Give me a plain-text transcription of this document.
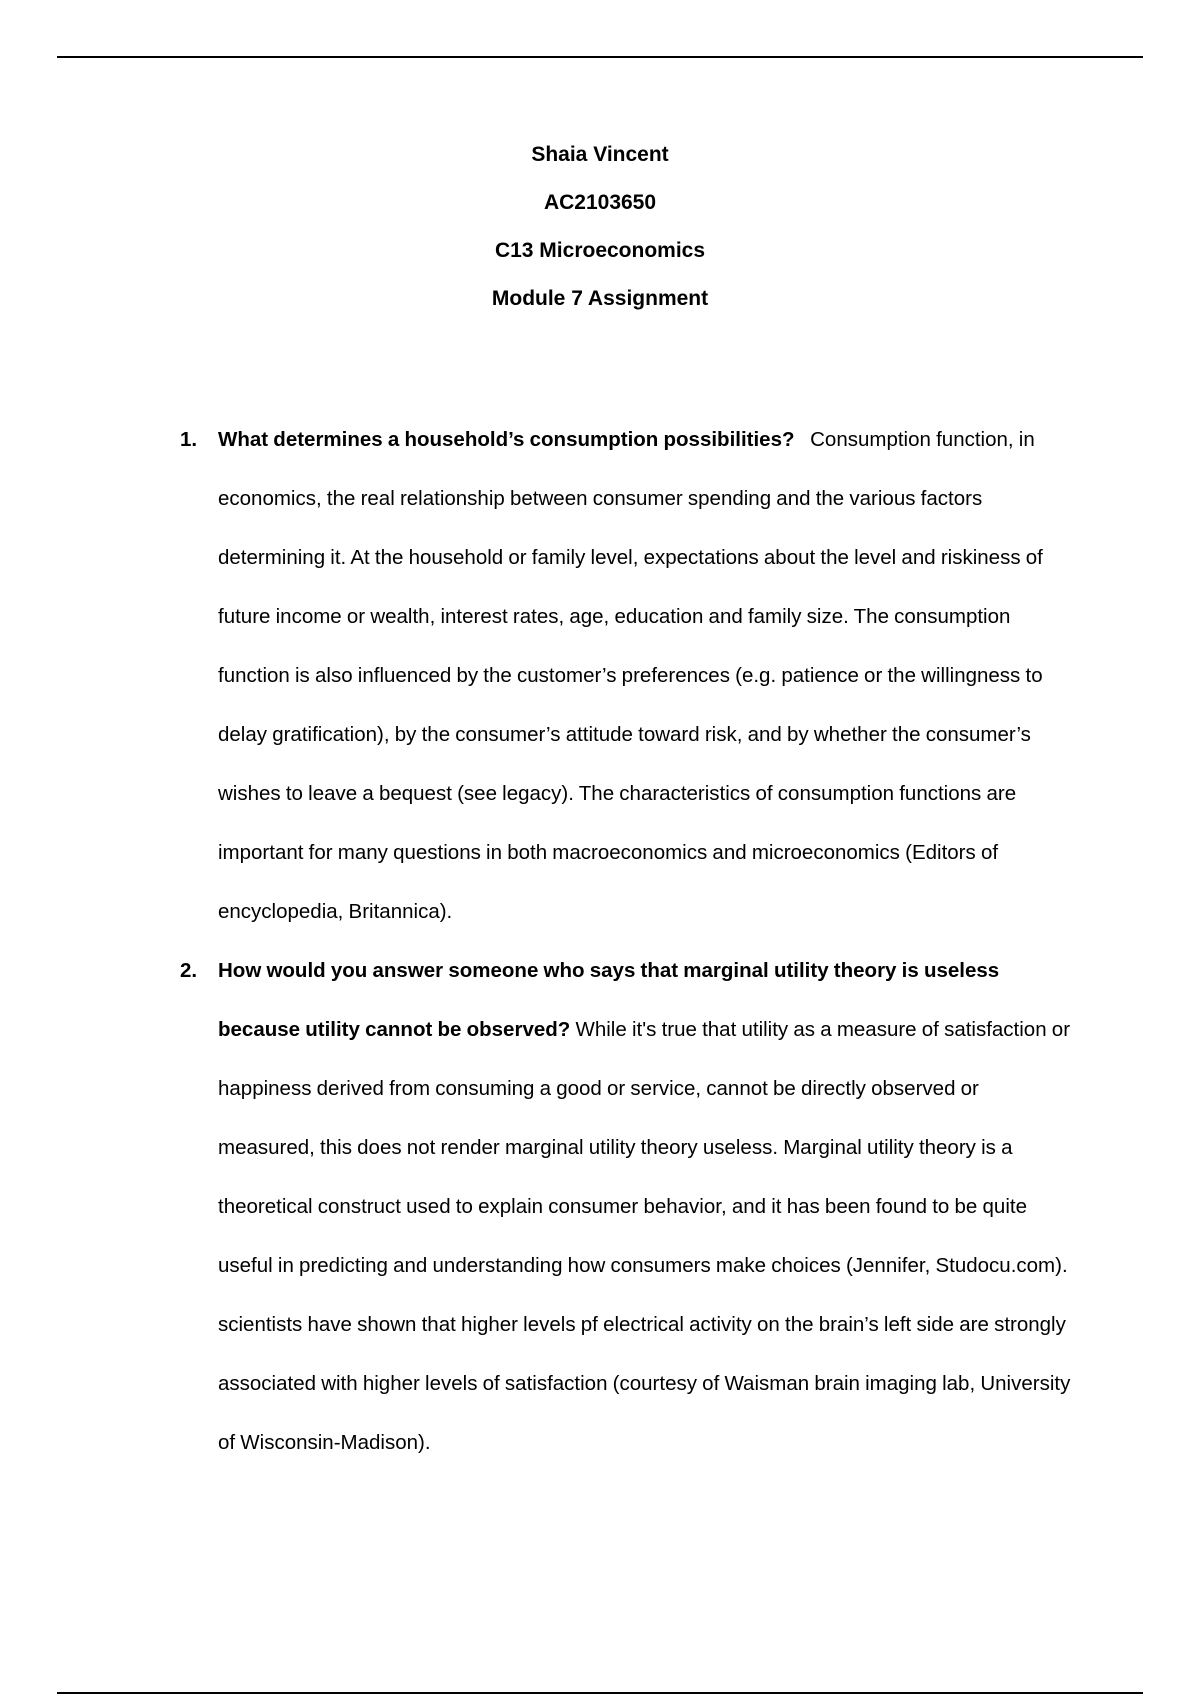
Shaia Vincent
AC2103650
C13 Microeconomics
Module 7 Assignment
1. What determines a household’s consumption possibilities? Consumption function, in economics, the real relationship between consumer spending and the various factors determining it. At the household or family level, expectations about the level and riskiness of future income or wealth, interest rates, age, education and family size. The consumption function is also influenced by the customer’s preferences (e.g. patience or the willingness to delay gratification), by the consumer’s attitude toward risk, and by whether the consumer’s wishes to leave a bequest (see legacy). The characteristics of consumption functions are important for many questions in both macroeconomics and microeconomics (Editors of encyclopedia, Britannica).
2. How would you answer someone who says that marginal utility theory is useless because utility cannot be observed? While it's true that utility as a measure of satisfaction or happiness derived from consuming a good or service, cannot be directly observed or measured, this does not render marginal utility theory useless. Marginal utility theory is a theoretical construct used to explain consumer behavior, and it has been found to be quite useful in predicting and understanding how consumers make choices (Jennifer, Studocu.com). scientists have shown that higher levels pf electrical activity on the brain’s left side are strongly associated with higher levels of satisfaction (courtesy of Waisman brain imaging lab, University of Wisconsin-Madison).
